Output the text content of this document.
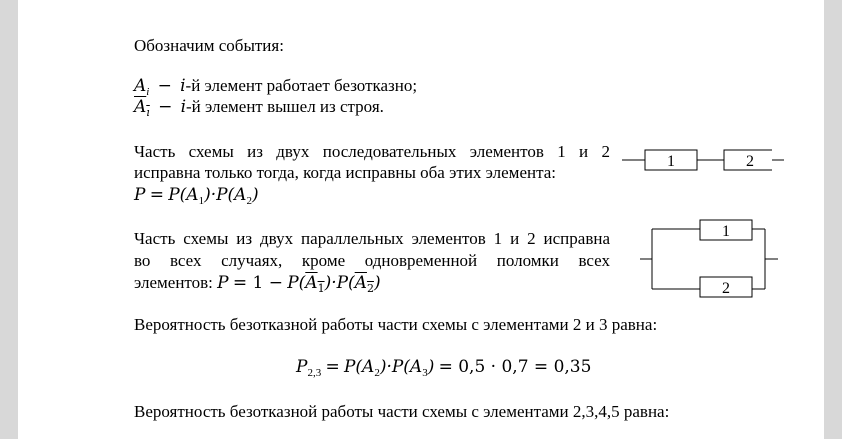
Обозначим события:
$A_i - i-й$ элемент работает безотказно;
$A_ı - i-й$ элемент вышел из строя.
Часть схемы из двух последовательных элементов 1 и 2
исправна только тогда, когда исправны оба этих элемента:
$P = P(A_1)\cdot P(A_2)$
1	2
Часть схемы из двух параллельных элементов 1 и 2 исправна
во всех случаях, кроме одновременной поломки всех
элементов: $P = 1 - P(A_1)\cdot P(A_2)$
1
2
Вероятность безотказной работы части схемы с элементами 2 и 3 равна:
$P_{2,3} = P(A_2)\cdot P(A_3) = 0,5 \cdot 0,7 = 0,35$
Вероятность безотказной работы части схемы с элементами 2,3,4,5 равна:
